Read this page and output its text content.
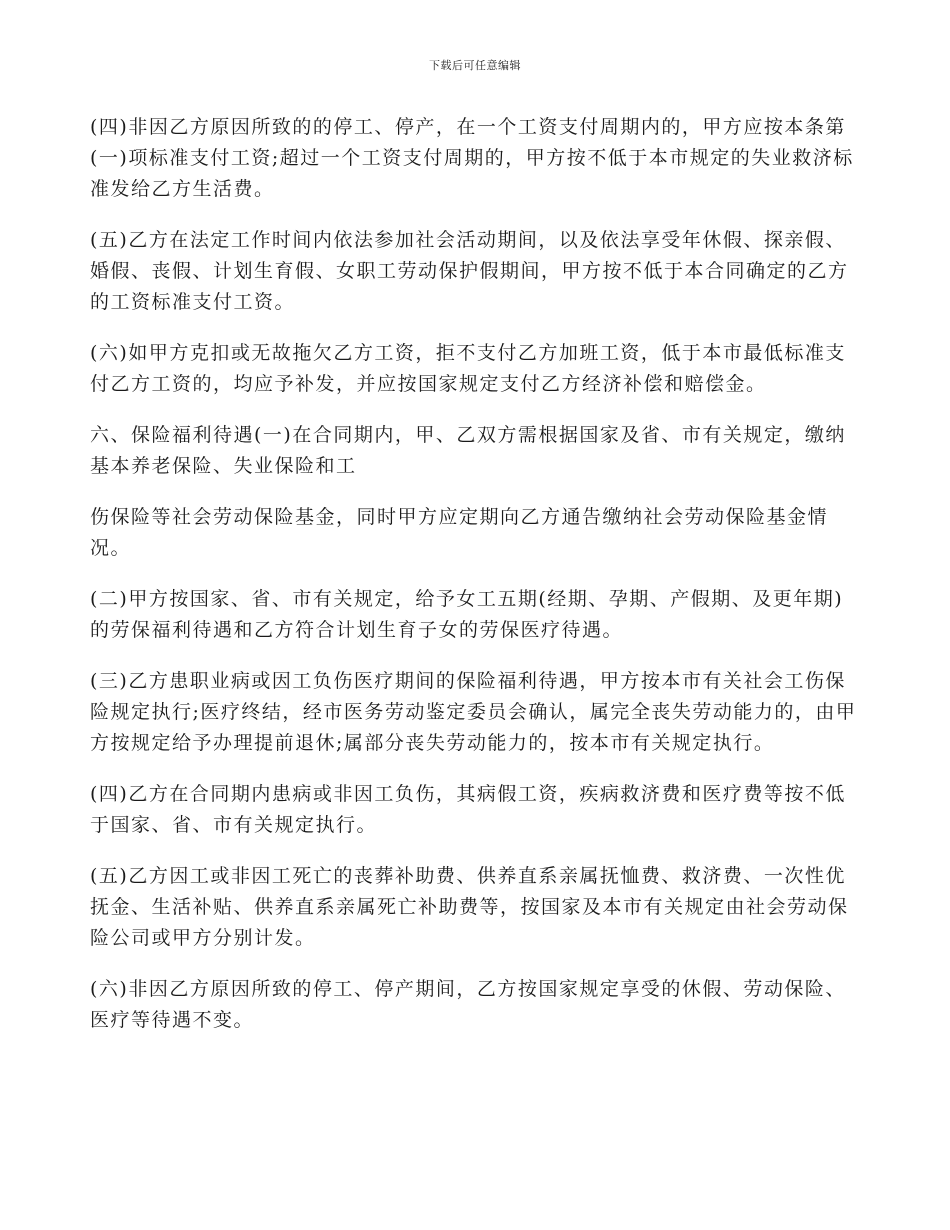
下载后可任意编辑

(四)非因乙方原因所致的的停工、停产，在一个工资支付周期内的，甲方应按本条第(一)项标准支付工资;超过一个工资支付周期的，甲方按不低于本市规定的失业救济标准发给乙方生活费。

(五)乙方在法定工作时间内依法参加社会活动期间，以及依法享受年休假、探亲假、婚假、丧假、计划生育假、女职工劳动保护假期间，甲方按不低于本合同确定的乙方的工资标准支付工资。

(六)如甲方克扣或无故拖欠乙方工资，拒不支付乙方加班工资，低于本市最低标准支付乙方工资的，均应予补发，并应按国家规定支付乙方经济补偿和赔偿金。

六、保险福利待遇(一)在合同期内，甲、乙双方需根据国家及省、市有关规定，缴纳基本养老保险、失业保险和工

伤保险等社会劳动保险基金，同时甲方应定期向乙方通告缴纳社会劳动保险基金情况。

(二)甲方按国家、省、市有关规定，给予女工五期(经期、孕期、产假期、及更年期)的劳保福利待遇和乙方符合计划生育子女的劳保医疗待遇。

(三)乙方患职业病或因工负伤医疗期间的保险福利待遇，甲方按本市有关社会工伤保险规定执行;医疗终结，经市医务劳动鉴定委员会确认，属完全丧失劳动能力的，由甲方按规定给予办理提前退休;属部分丧失劳动能力的，按本市有关规定执行。

(四)乙方在合同期内患病或非因工负伤，其病假工资，疾病救济费和医疗费等按不低于国家、省、市有关规定执行。

(五)乙方因工或非因工死亡的丧葬补助费、供养直系亲属抚恤费、救济费、一次性优抚金、生活补贴、供养直系亲属死亡补助费等，按国家及本市有关规定由社会劳动保险公司或甲方分别计发。

(六)非因乙方原因所致的停工、停产期间，乙方按国家规定享受的休假、劳动保险、医疗等待遇不变。
